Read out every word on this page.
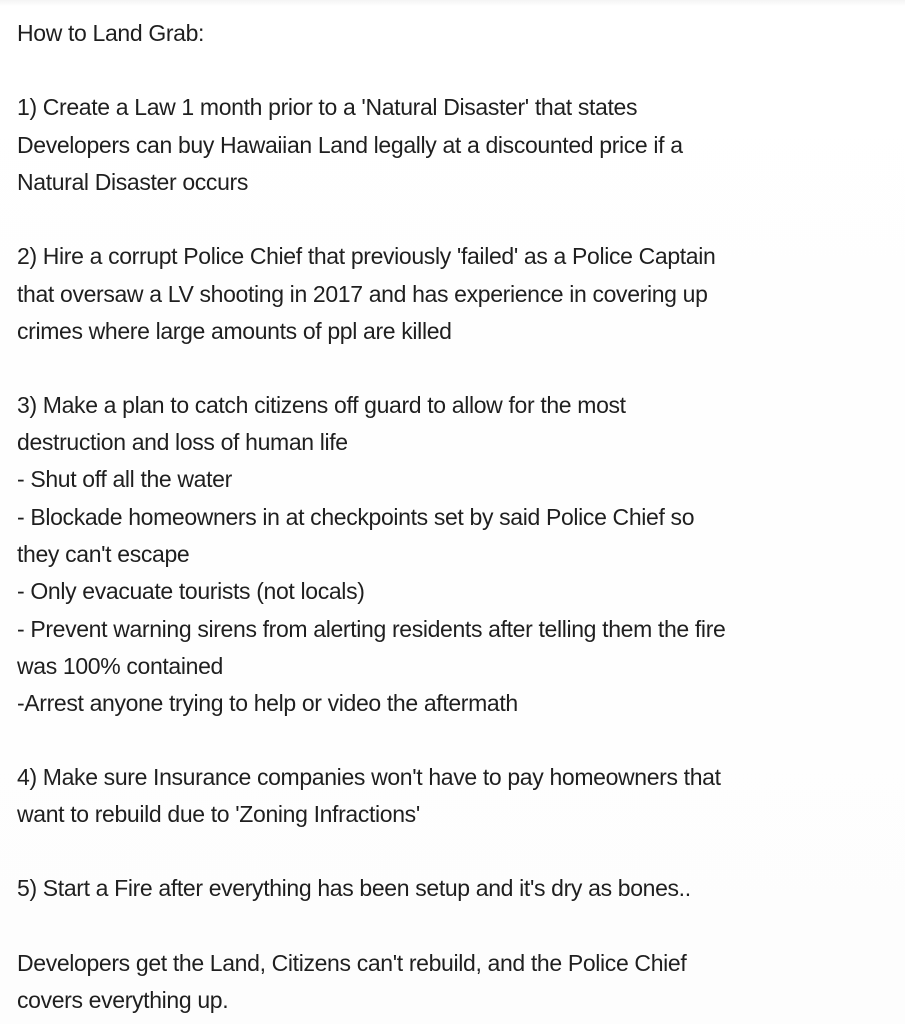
How to Land Grab:
1) Create a Law 1 month prior to a 'Natural Disaster' that states
Developers can buy Hawaiian Land legally at a discounted price if a
Natural Disaster occurs
2) Hire a corrupt Police Chief that previously 'failed' as a Police Captain
that oversaw a LV shooting in 2017 and has experience in covering up
crimes where large amounts of ppl are killed
3) Make a plan to catch citizens off guard to allow for the most
destruction and loss of human life
- Shut off all the water
- Blockade homeowners in at checkpoints set by said Police Chief so
they can't escape
- Only evacuate tourists (not locals)
- Prevent warning sirens from alerting residents after telling them the fire
was 100% contained
-Arrest anyone trying to help or video the aftermath
4) Make sure Insurance companies won't have to pay homeowners that
want to rebuild due to 'Zoning Infractions'
5) Start a Fire after everything has been setup and it's dry as bones..
Developers get the Land, Citizens can't rebuild, and the Police Chief
covers everything up.
